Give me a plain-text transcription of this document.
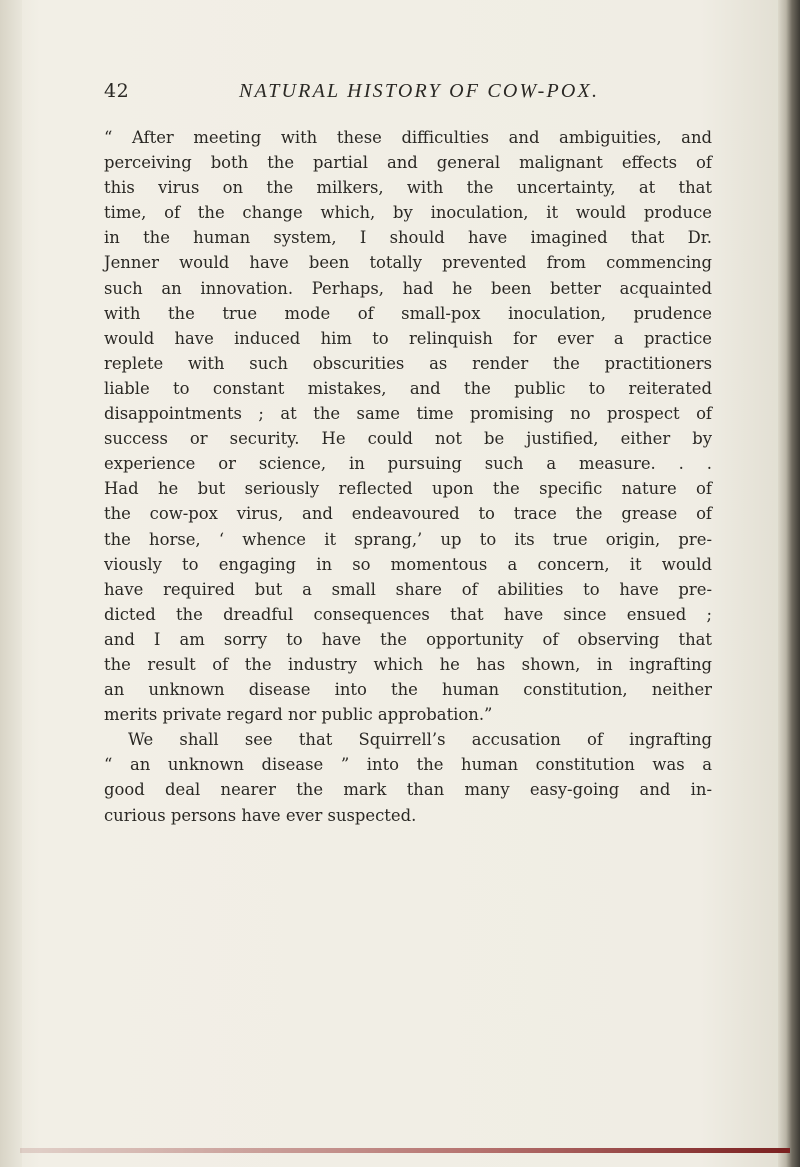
42	NATURAL HISTORY OF COW-POX.

“ After meeting with these difficulties and ambiguities, and
perceiving both the partial and general malignant effects of
this virus on the milkers, with the uncertainty, at that
time, of the change which, by inoculation, it would produce
in the human system, I should have imagined that Dr.
Jenner would have been totally prevented from commencing
such an innovation. Perhaps, had he been better acquainted
with the true mode of small-pox inoculation, prudence
would have induced him to relinquish for ever a practice
replete with such obscurities as render the practitioners
liable to constant mistakes, and the public to reiterated
disappointments ; at the same time promising no prospect of
success or security. He could not be justified, either by
experience or science, in pursuing such a measure. . .
Had he but seriously reflected upon the specific nature of
the cow-pox virus, and endeavoured to trace the grease of
the horse, ‘ whence it sprang,’ up to its true origin, pre-
viously to engaging in so momentous a concern, it would
have required but a small share of abilities to have pre-
dicted the dreadful consequences that have since ensued ;
and I am sorry to have the opportunity of observing that
the result of the industry which he has shown, in ingrafting
an unknown disease into the human constitution, neither
merits private regard nor public approbation.”

We shall see that Squirrell’s accusation of ingrafting
“ an unknown disease ” into the human constitution was a
good deal nearer the mark than many easy-going and in-
curious persons have ever suspected.
